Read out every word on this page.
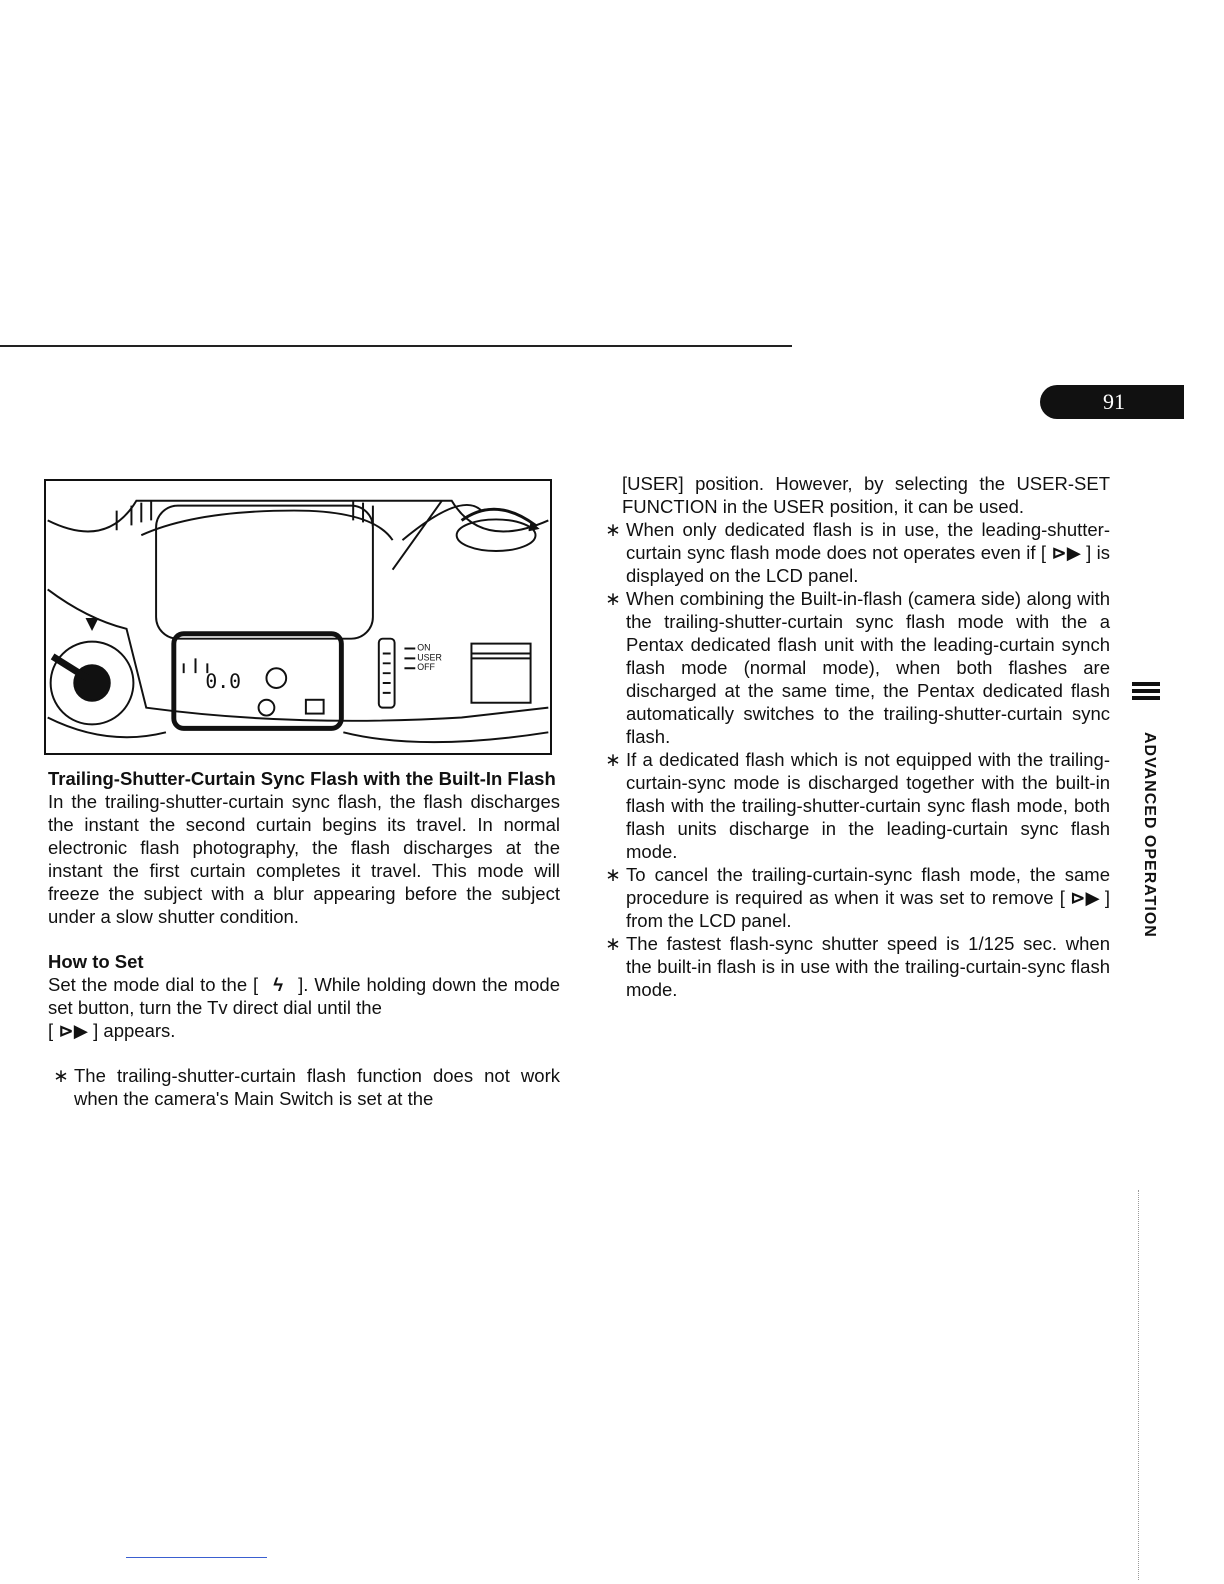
91
0.0
ON
USER
OFF

Trailing-Shutter-Curtain Sync Flash with the Built-In Flash

In the trailing-shutter-curtain sync flash, the flash discharges the instant the second curtain begins its travel. In normal electronic flash photography, the flash discharges at the instant the first curtain completes it travel. This mode will freeze the subject with a blur appearing before the subject under a slow shutter condition.

How to Set

Set the mode dial to the [ ϟ ]. While holding down the mode set button, turn the Tv direct dial until the
[ ⊳▶ ] appears.

∗ The trailing-shutter-curtain flash function does not work when the camera's Main Switch is set at the

[USER] position. However, by selecting the USER-SET FUNCTION in the USER position, it can be used.

∗ When only dedicated flash is in use, the leading-shutter-curtain sync flash mode does not operates even if [ ⊳▶ ] is displayed on the LCD panel.
∗ When combining the Built-in-flash (camera side) along with the trailing-shutter-curtain sync flash mode with the a Pentax dedicated flash unit with the leading-curtain synch flash mode (normal mode), when both flashes are discharged at the same time, the Pentax dedicated flash automatically switches to the trailing-shutter-curtain sync flash.
∗ If a dedicated flash which is not equipped with the trailing-curtain-sync mode is discharged together with the built-in flash with the trailing-shutter-curtain sync flash mode, both flash units discharge in the leading-curtain sync flash mode.
∗ To cancel the trailing-curtain-sync flash mode, the same procedure is required as when it was set to remove [ ⊳▶ ] from the LCD panel.
∗ The fastest flash-sync shutter speed is 1/125 sec. when the built-in flash is in use with the trailing-curtain-sync flash mode.
ADVANCED OPERATION
